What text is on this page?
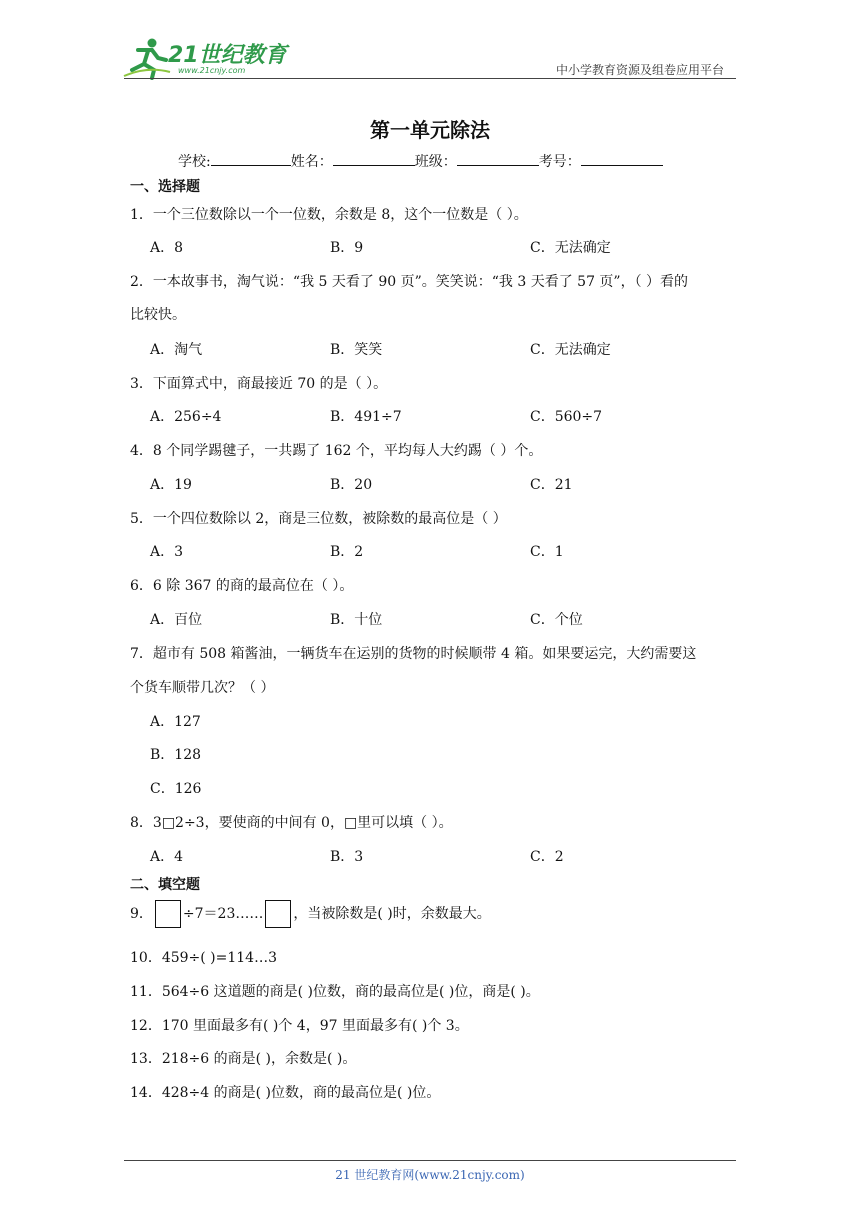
21世纪教育
www.21cnjy.com	中小学教育资源及组卷应用平台
第一单元除法
学校:	姓名：	班级：	考号：
一、选择题
1．一个三位数除以一个一位数，余数是 8，这个一位数是（ ）。
A．8	B．9	C．无法确定
2．一本故事书，淘气说：“我 5 天看了 90 页”。笑笑说：“我 3 天看了 57 页”，（ ）看的
比较快。
A．淘气	B．笑笑	C．无法确定
3．下面算式中，商最接近 70 的是（ ）。
A．256÷4	B．491÷7	C．560÷7
4．8 个同学踢毽子，一共踢了 162 个，平均每人大约踢（ ）个。
A．19	B．20	C．21
5．一个四位数除以 2，商是三位数，被除数的最高位是（ ）
A．3	B．2	C．1
6．6 除 367 的商的最高位在（ ）。
A．百位	B．十位	C．个位
7．超市有 508 箱酱油，一辆货车在运别的货物的时候顺带 4 箱。如果要运完，大约需要这
个货车顺带几次？（ ）
A．127
B．128
C．126
8．3□2÷3，要使商的中间有 0，□里可以填（ ）。
A．4	B．3	C．2
二、填空题
9． ÷7＝23…… ，当被除数是( )时，余数最大。
10．459÷( )=114…3
11．564÷6 这道题的商是( )位数，商的最高位是( )位，商是( )。
12．170 里面最多有( )个 4，97 里面最多有( )个 3。
13．218÷6 的商是( )，余数是( )。
14．428÷4 的商是( )位数，商的最高位是( )位。
21 世纪教育网(www.21cnjy.com)
